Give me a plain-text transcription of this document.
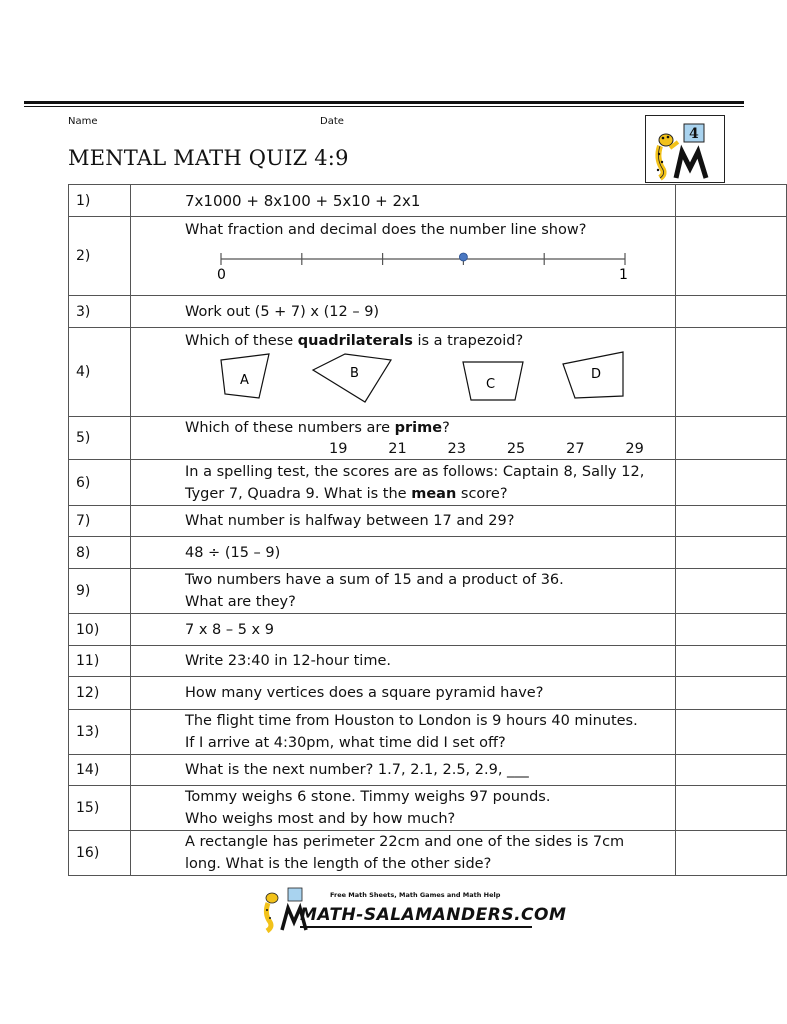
Name	Date
MENTAL MATH QUIZ 4:9
4
1)	7x1000 + 8x100 + 5x10 + 2x1	
2)	What fraction and decimal does the number line show?
0 1	

3)	Work out (5 + 7) x (12 – 9)	
4)	Which of these quadrilaterals is a trapezoid?
A B
C
D	

5)	Which of these numbers are prime?
19   21   23   25   27   29	

6)	In a spelling test, the scores are as follows: Captain 8, Sally 12,
Tyger 7, Quadra 9. What is the mean score?	

7)	What number is halfway between 17 and 29?	
8)	48 ÷ (15 – 9)	
9)	Two numbers have a sum of 15 and a product of 36.
What are they?	

10)	7 x 8 – 5 x 9	
11)	Write 23:40 in 12-hour time.	
12)	How many vertices does a square pyramid have?	
13)	The flight time from Houston to London is 9 hours 40 minutes.
If I arrive at 4:30pm, what time did I set off?	

14)	What is the next number? 1.7, 2.1, 2.5, 2.9, ___	
15)	Tommy weighs 6 stone. Timmy weighs 97 pounds.
Who weighs most and by how much?	

16)	A rectangle has perimeter 22cm and one of the sides is 7cm
long. What is the length of the other side?	

Free Math Sheets, Math Games and Math Help
MATH-SALAMANDERS.COM
